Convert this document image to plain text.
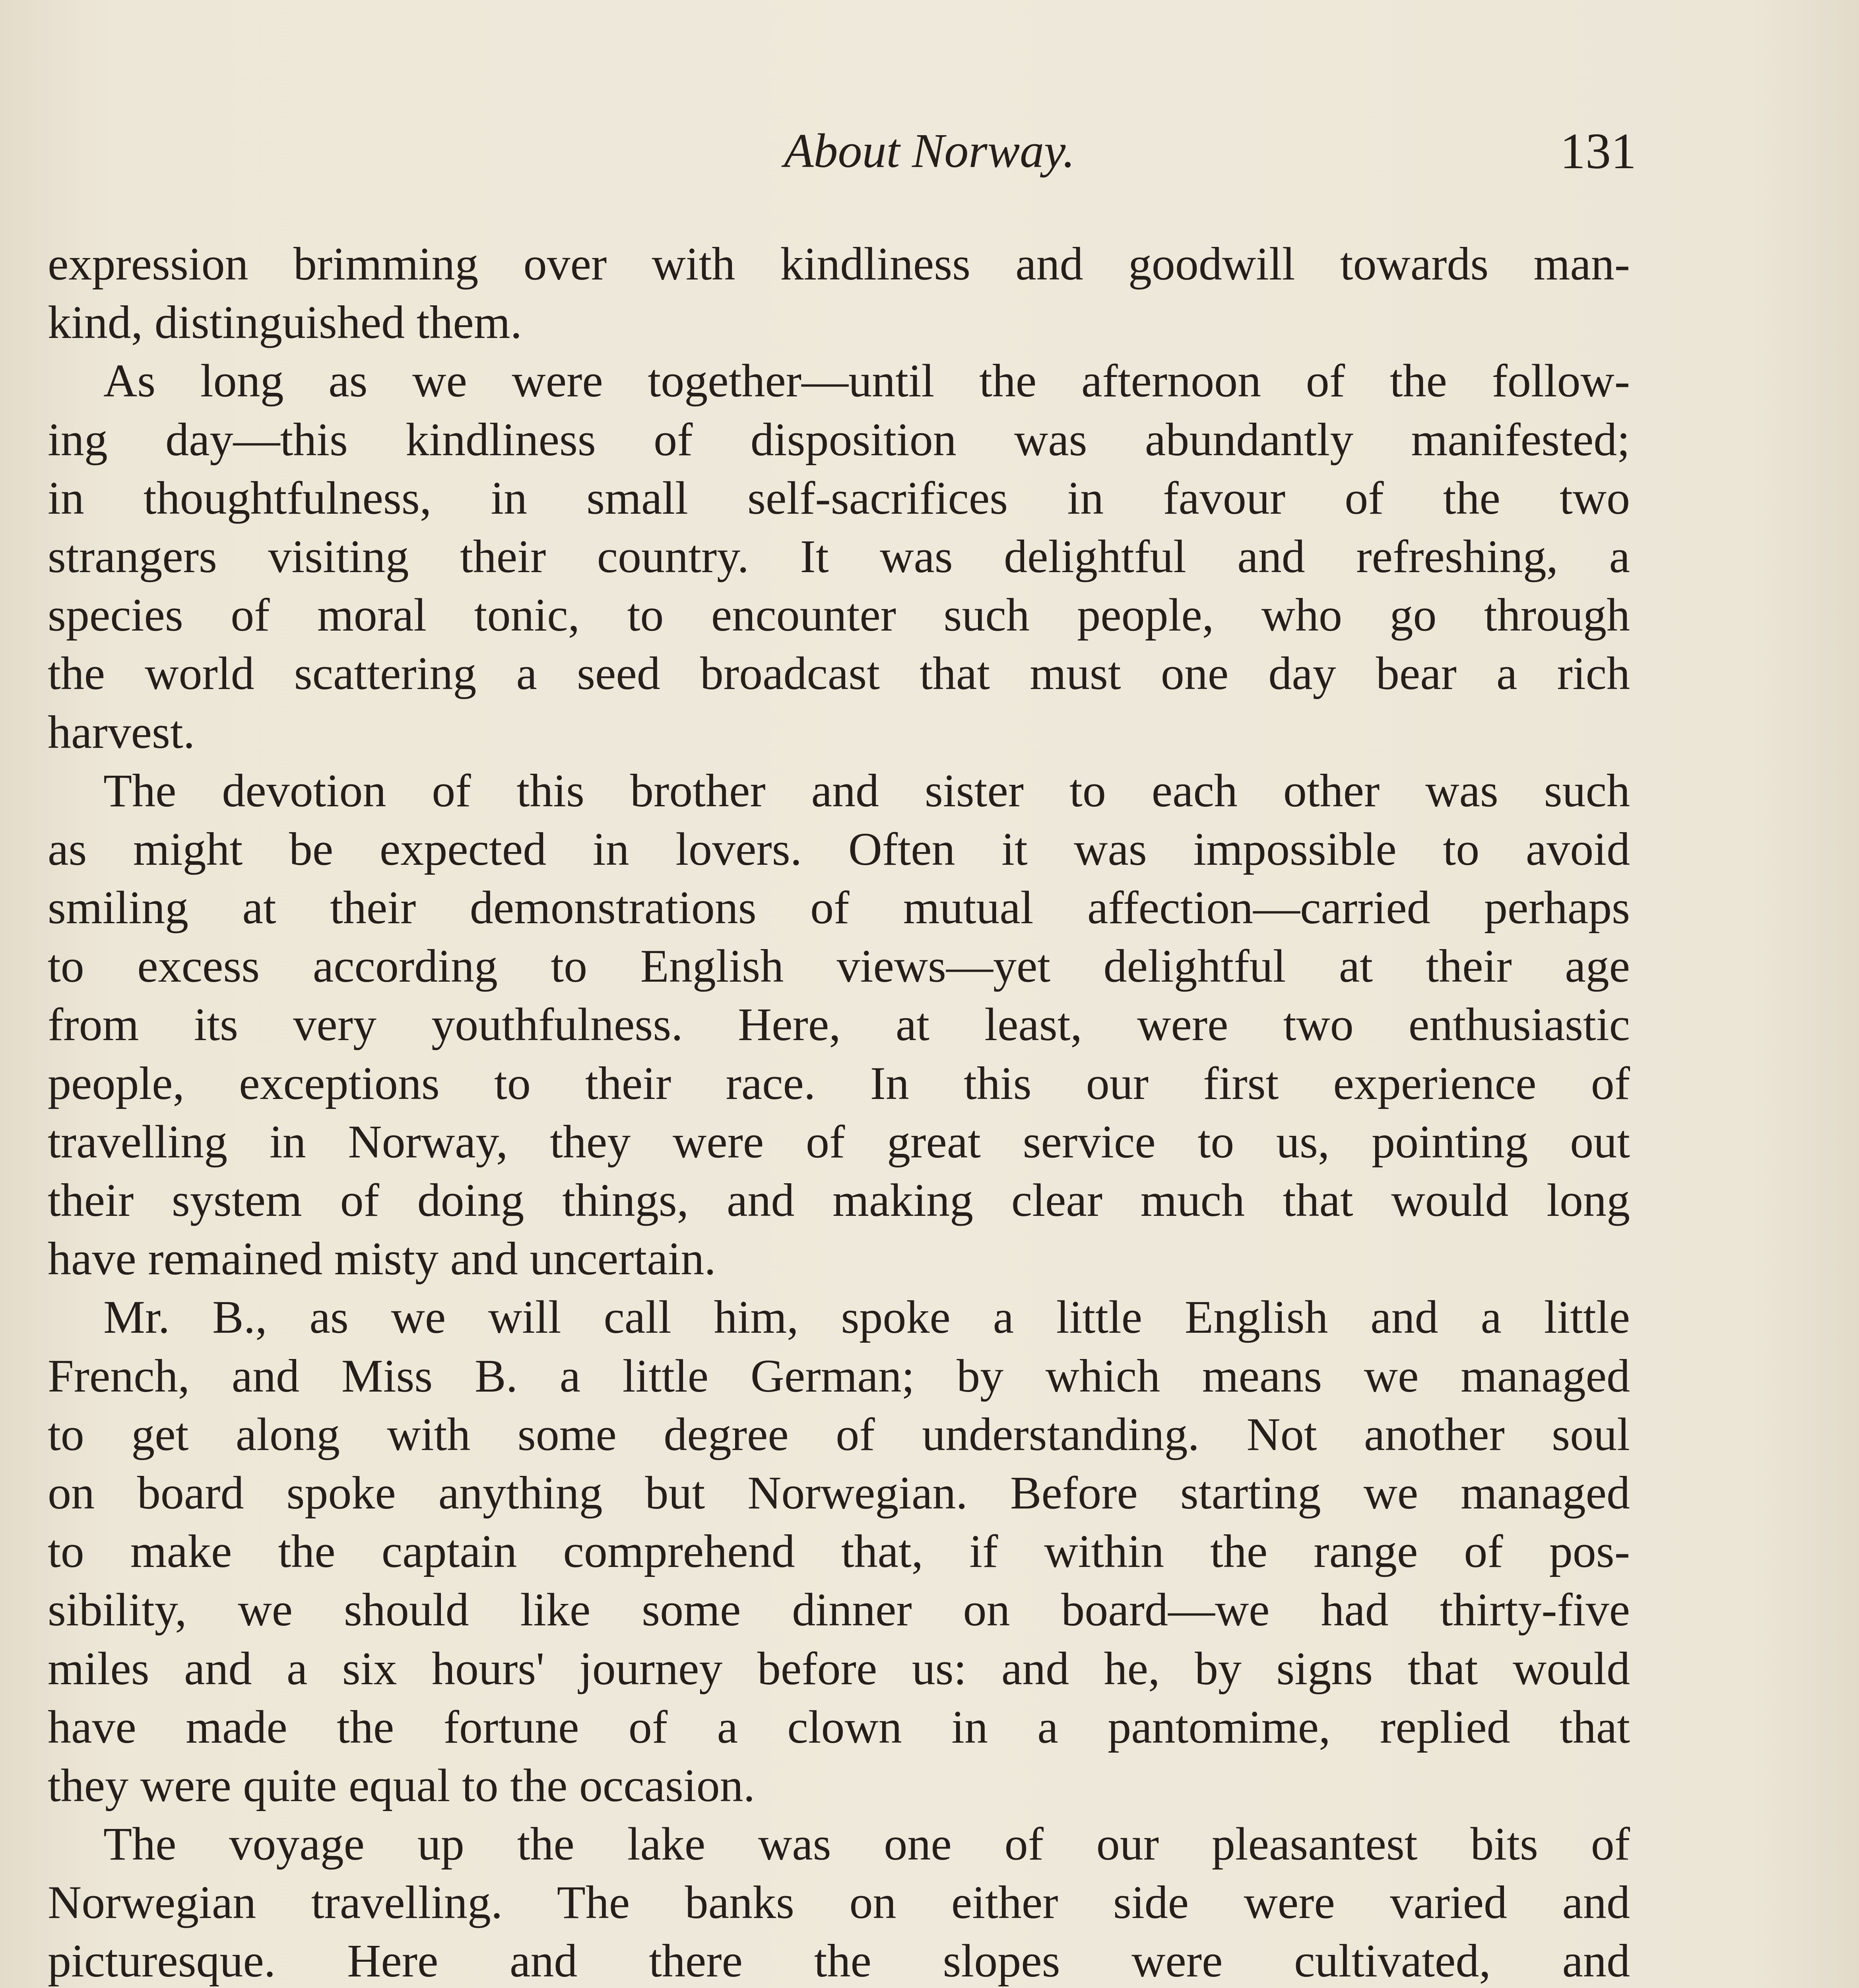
About Norway.	131
expression brimming over with kindliness and goodwill towards man-
kind, distinguished them.
As long as we were together—until the afternoon of the follow-
ing day—this kindliness of disposition was abundantly manifested;
in thoughtfulness, in small self-sacrifices in favour of the two
strangers visiting their country. It was delightful and refreshing, a
species of moral tonic, to encounter such people, who go through
the world scattering a seed broadcast that must one day bear a rich
harvest.
The devotion of this brother and sister to each other was such
as might be expected in lovers. Often it was impossible to avoid
smiling at their demonstrations of mutual affection—carried perhaps
to excess according to English views—yet delightful at their age
from its very youthfulness. Here, at least, were two enthusiastic
people, exceptions to their race. In this our first experience of
travelling in Norway, they were of great service to us, pointing out
their system of doing things, and making clear much that would long
have remained misty and uncertain.
Mr. B., as we will call him, spoke a little English and a little
French, and Miss B. a little German; by which means we managed
to get along with some degree of understanding. Not another soul
on board spoke anything but Norwegian. Before starting we managed
to make the captain comprehend that, if within the range of pos-
sibility, we should like some dinner on board—we had thirty-five
miles and a six hours' journey before us: and he, by signs that would
have made the fortune of a clown in a pantomime, replied that
they were quite equal to the occasion.
The voyage up the lake was one of our pleasantest bits of
Norwegian travelling. The banks on either side were varied and
picturesque. Here and there the slopes were cultivated, and
